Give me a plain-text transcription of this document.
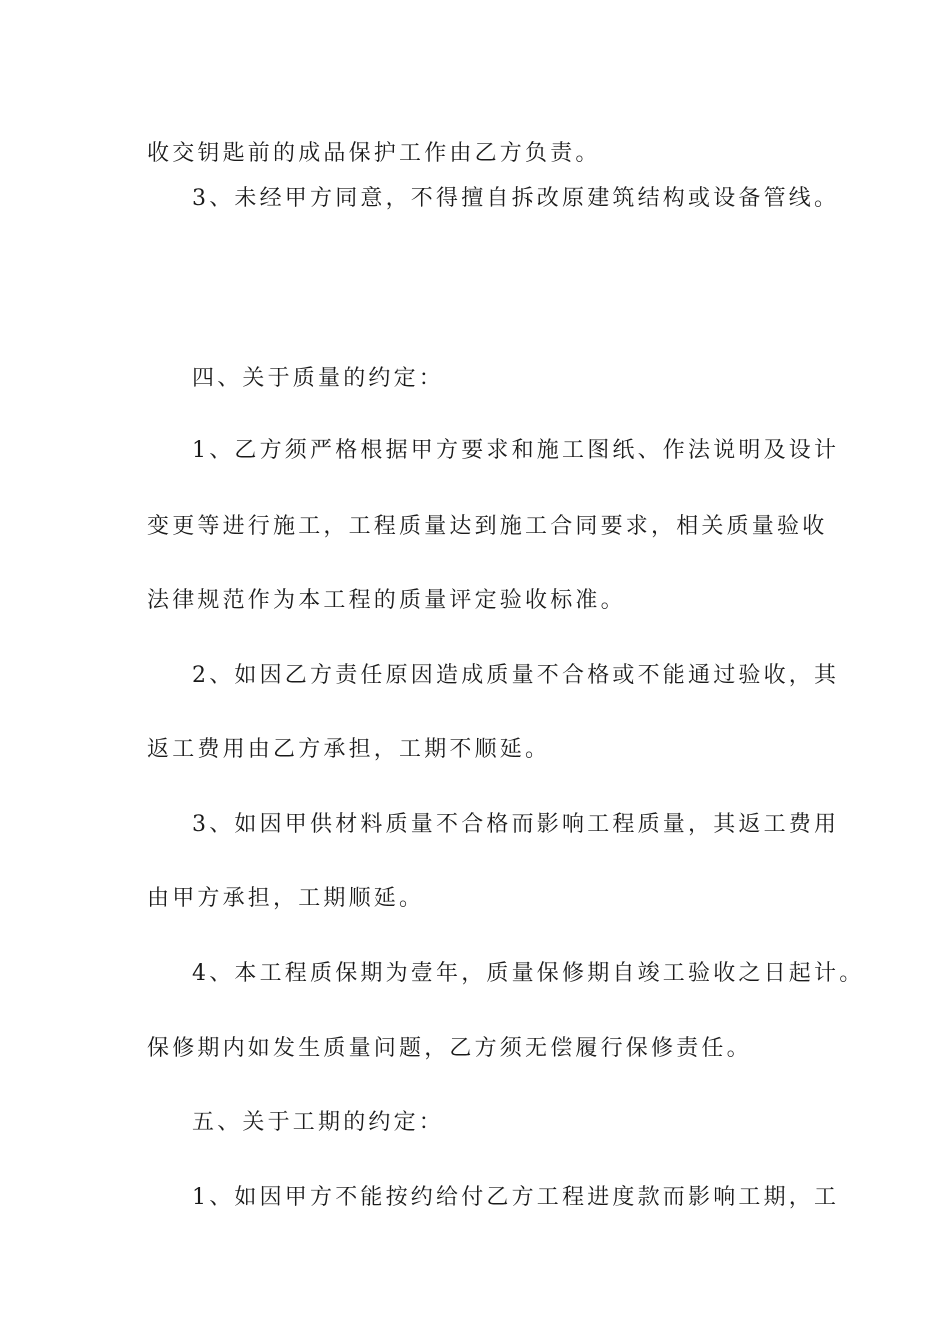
收交钥匙前的成品保护工作由乙方负责。
3、未经甲方同意，不得擅自拆改原建筑结构或设备管线。
四、关于质量的约定：
1、乙方须严格根据甲方要求和施工图纸、作法说明及设计
变更等进行施工，工程质量达到施工合同要求，相关质量验收
法律规范作为本工程的质量评定验收标准。
2、如因乙方责任原因造成质量不合格或不能通过验收，其
返工费用由乙方承担，工期不顺延。
3、如因甲供材料质量不合格而影响工程质量，其返工费用
由甲方承担，工期顺延。
4、本工程质保期为壹年，质量保修期自竣工验收之日起计。
保修期内如发生质量问题，乙方须无偿履行保修责任。
五、关于工期的约定：
1、如因甲方不能按约给付乙方工程进度款而影响工期，工
